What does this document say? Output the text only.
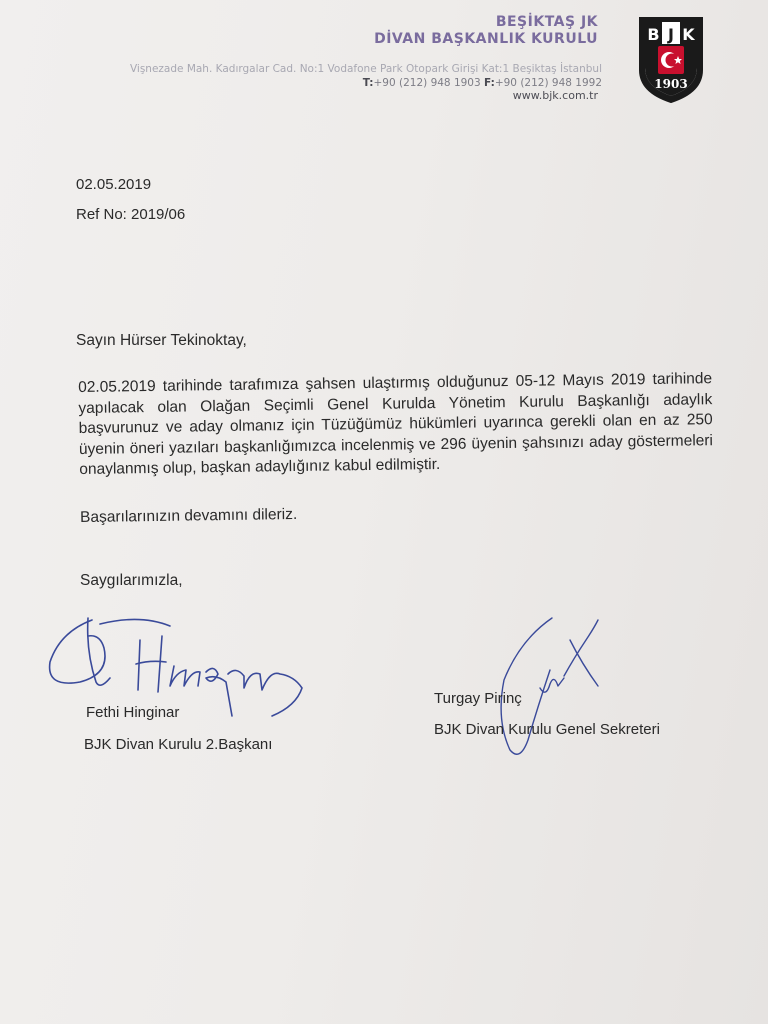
BEŞİKTAŞ JK
DİVAN BAŞKANLIK KURULU
Vişnezade Mah. Kadırgalar Cad. No:1 Vodafone Park Otopark Girişi Kat:1 Beşiktaş İstanbul
T:+90 (212) 948 1903 F:+90 (212) 948 1992
www.bjk.com.tr
B J K
1903
02.05.2019
Ref No: 2019/06
Sayın Hürser Tekinoktay,
02.05.2019 tarihinde tarafımıza şahsen ulaştırmış olduğunuz 05-12 Mayıs 2019 tarihinde yapılacak olan Olağan Seçimli Genel Kurulda Yönetim Kurulu Başkanlığı adaylık başvurunuz ve aday olmanız için Tüzüğümüz hükümleri uyarınca gerekli olan en az 250 üyenin öneri yazıları başkanlığımızca incelenmiş ve 296 üyenin şahsınızı aday göstermeleri onaylanmış olup, başkan adaylığınız kabul edilmiştir.
Başarılarınızın devamını dileriz.
Saygılarımızla,
Fethi Hinginar
BJK Divan Kurulu 2.Başkanı
Turgay Pirinç
BJK Divan Kurulu Genel Sekreteri
